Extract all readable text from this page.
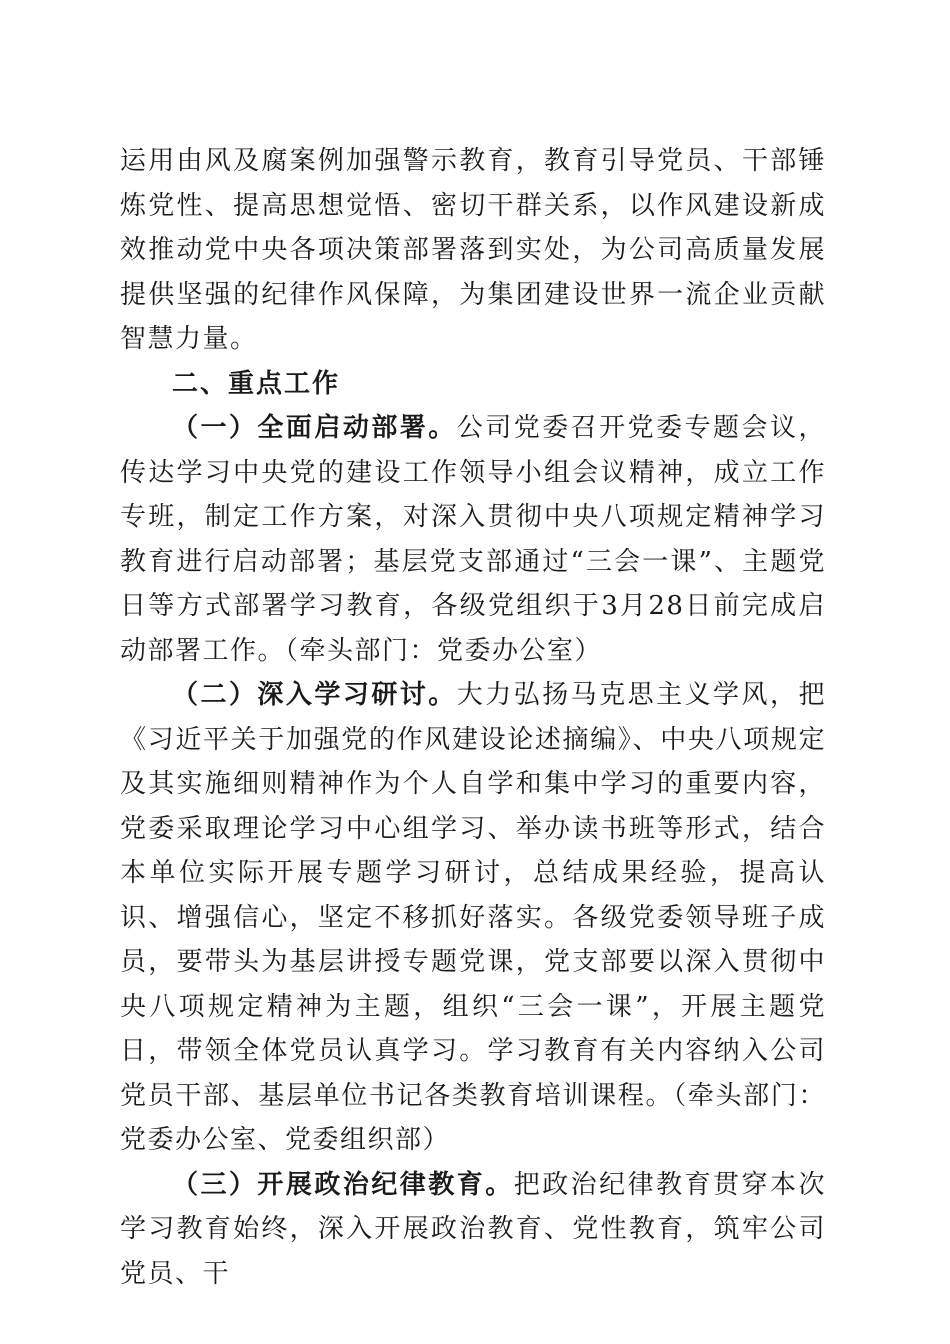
运用由风及腐案例加强警示教育，教育引导党员、干部锤炼党性、提高思想觉悟、密切干群关系，以作风建设新成效推动党中央各项决策部署落到实处，为公司高质量发展提供坚强的纪律作风保障，为集团建设世界一流企业贡献智慧力量。

二、重点工作

（一）全面启动部署。公司党委召开党委专题会议，传达学习中央党的建设工作领导小组会议精神，成立工作专班，制定工作方案，对深入贯彻中央八项规定精神学习教育进行启动部署；基层党支部通过“三会一课”、主题党日等方式部署学习教育，各级党组织于3月28日前完成启动部署工作。（牵头部门：党委办公室）

（二）深入学习研讨。大力弘扬马克思主义学风，把《习近平关于加强党的作风建设论述摘编》、中央八项规定及其实施细则精神作为个人自学和集中学习的重要内容，党委采取理论学习中心组学习、举办读书班等形式，结合本单位实际开展专题学习研讨，总结成果经验，提高认识、增强信心，坚定不移抓好落实。各级党委领导班子成员，要带头为基层讲授专题党课，党支部要以深入贯彻中央八项规定精神为主题，组织“三会一课”，开展主题党日，带领全体党员认真学习。学习教育有关内容纳入公司党员干部、基层单位书记各类教育培训课程。（牵头部门：党委办公室、党委组织部）

（三）开展政治纪律教育。把政治纪律教育贯穿本次学习教育始终，深入开展政治教育、党性教育，筑牢公司党员、干
